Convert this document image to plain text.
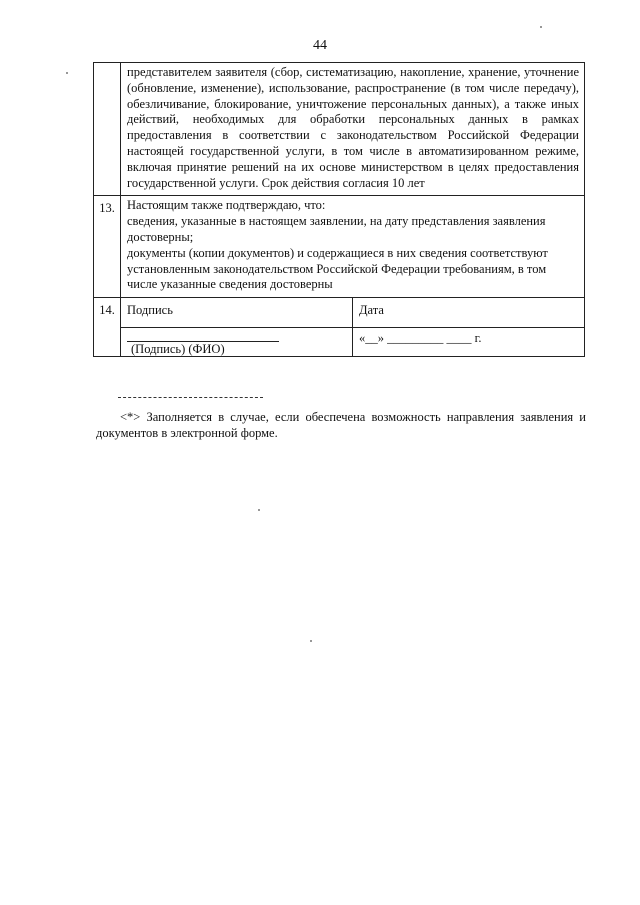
44

	представителем заявителя (сбор, систематизацию, накопление, хранение, уточнение (обновление, изменение), использование, распространение (в том числе передачу), обезличивание, блокирование, уничтожение персональных данных), а также иных действий, необходимых для обработки персональных данных в рамках предоставления в соответствии с законодательством Российской Федерации настоящей государственной услуги, в том числе в автоматизированном режиме, включая принятие решений на их основе министерством в целях предоставления государственной услуги. Срок действия согласия 10 лет	

13.	Настоящим также подтверждаю, что:
сведения, указанные в настоящем заявлении, на дату представления заявления достоверны;
документы (копии документов) и содержащиеся в них сведения соответствуют установленным законодательством Российской Федерации требованиям, в том числе указанные сведения достоверны	

14.	Подпись	Дата

	(Подпись) (ФИО)	«__» _________ ____ г.
<*> Заполняется в случае, если обеспечена возможность направления заявления и документов в электронной форме.
